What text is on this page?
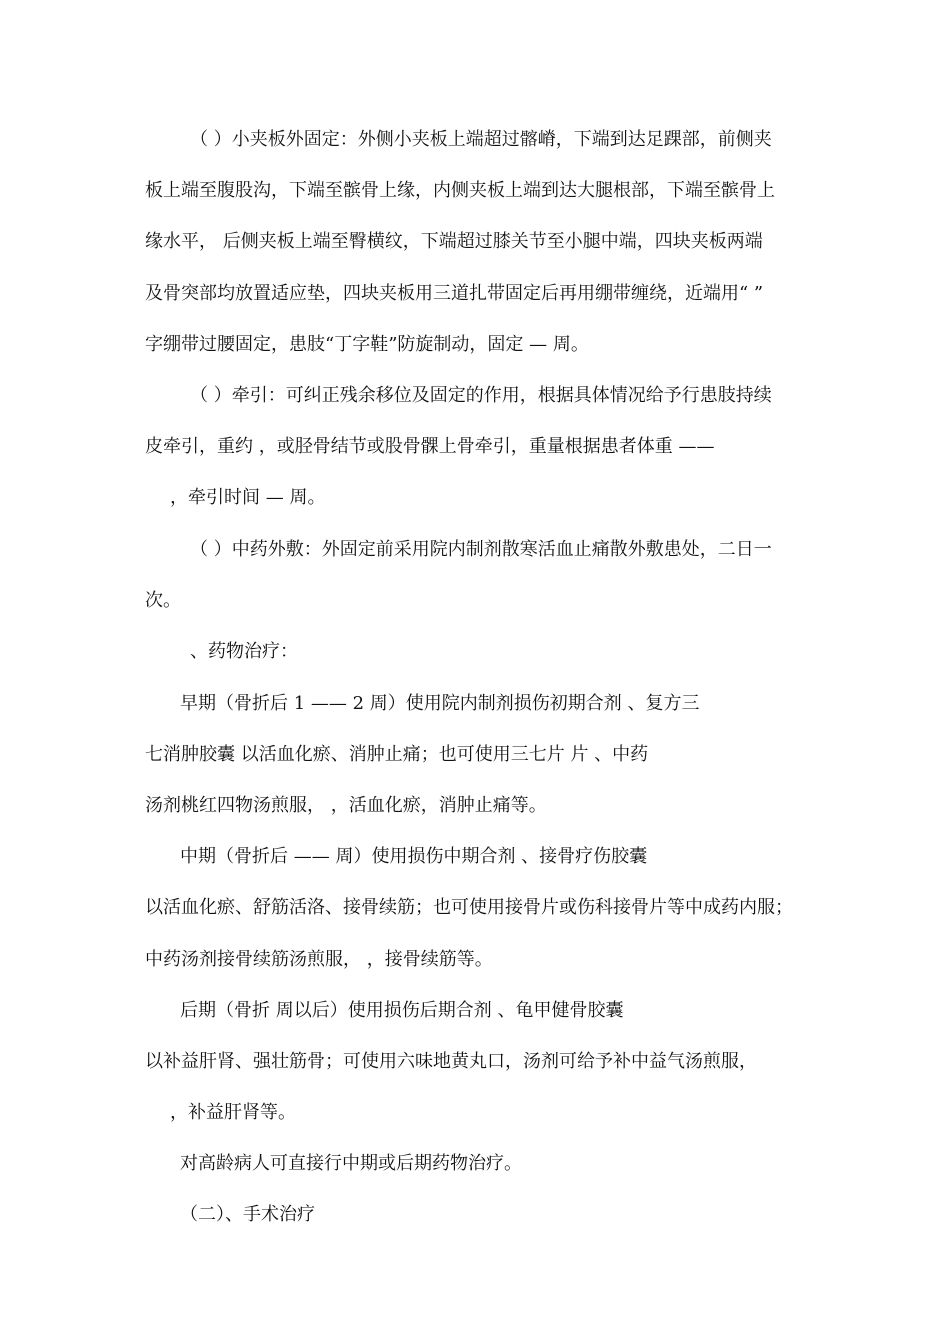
（ ）小夹板外固定：外侧小夹板上端超过髂嵴，下端到达足踝部，前侧夹
板上端至腹股沟，下端至髌骨上缘，内侧夹板上端到达大腿根部，下端至髌骨上
缘水平， 后侧夹板上端至臀横纹，下端超过膝关节至小腿中端，四块夹板两端
及骨突部均放置适应垫，四块夹板用三道扎带固定后再用绷带缠绕，近端用“ ”
字绷带过腰固定，患肢“丁字鞋”防旋制动，固定 — 周。
（ ）牵引：可纠正残余移位及固定的作用，根据具体情况给予行患肢持续
皮牵引，重约 ，或胫骨结节或股骨髁上骨牵引，重量根据患者体重 ——
，牵引时间 — 周。
（ ）中药外敷：外固定前采用院内制剂散寒活血止痛散外敷患处，二日一
次。
、药物治疗：
早期（骨折后 1 —— 2 周）使用院内制剂损伤初期合剂 、复方三
七消肿胶囊 以活血化瘀、消肿止痛；也可使用三七片 片 、中药
汤剂桃红四物汤煎服， ，活血化瘀，消肿止痛等。
中期（骨折后 —— 周）使用损伤中期合剂 、接骨疗伤胶囊
以活血化瘀、舒筋活洛、接骨续筋；也可使用接骨片或伤科接骨片等中成药内服；
中药汤剂接骨续筋汤煎服， ，接骨续筋等。
后期（骨折 周以后）使用损伤后期合剂 、龟甲健骨胶囊
以补益肝肾、强壮筋骨；可使用六味地黄丸口，汤剂可给予补中益气汤煎服，
，补益肝肾等。
对高龄病人可直接行中期或后期药物治疗。
（二）、手术治疗
